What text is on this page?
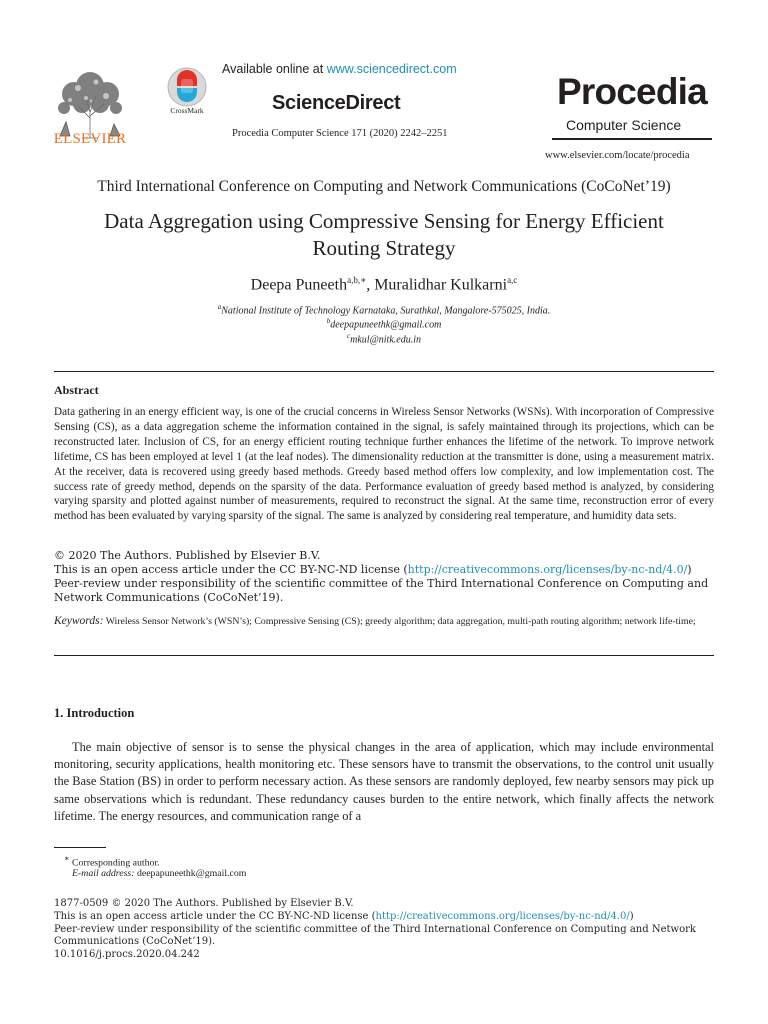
ELSEVIER
CrossMark
Available online at www.sciencedirect.com
ScienceDirect
Procedia Computer Science 171 (2020) 2242–2251
Procedia
Computer Science
www.elsevier.com/locate/procedia
Third International Conference on Computing and Network Communications (CoCoNet’19)
Data Aggregation using Compressive Sensing for Energy Efficient
Routing Strategy
Deepa Puneeth$^{a,b,∗}$, Muralidhar Kulkarni$^{a,c}$
$^a$National Institute of Technology Karnataka, Surathkal, Mangalore-575025, India.
$^b$deepapuneethk@gmail.com
$^c$mkul@nitk.edu.in
Abstract
Data gathering in an energy efficient way, is one of the crucial concerns in Wireless Sensor Networks (WSNs). With incorporation of Compressive Sensing (CS), as a data aggregation scheme the information contained in the signal, is safely maintained through its projections, which can be reconstructed later. Inclusion of CS, for an energy efficient routing technique further enhances the lifetime of the network. To improve network lifetime, CS has been employed at level 1 (at the leaf nodes). The dimensionality reduction at the transmitter is done, using a measurement matrix. At the receiver, data is recovered using greedy based methods. Greedy based method offers low complexity, and low implementation cost. The success rate of greedy method, depends on the sparsity of the data. Performance evaluation of greedy based method is analyzed, by considering varying sparsity and plotted against number of measurements, required to reconstruct the signal. At the same time, reconstruction error of every method has been evaluated by varying sparsity of the signal. The same is analyzed by considering real temperature, and humidity data sets.
© 2020 The Authors. Published by Elsevier B.V.
This is an open access article under the CC BY-NC-ND license (http://creativecommons.org/licenses/by-nc-nd/4.0/)
Peer-review under responsibility of the scientific committee of the Third International Conference on Computing and Network Communications (CoCoNet’19).
Keywords: Wireless Sensor Network’s (WSN’s); Compressive Sensing (CS); greedy algorithm; data aggregation, multi-path routing algorithm; network life-time;
1. Introduction
The main objective of sensor is to sense the physical changes in the area of application, which may include environmental monitoring, security applications, health monitoring etc. These sensors have to transmit the observations, to the control unit usually the Base Station (BS) in order to perform necessary action. As these sensors are randomly deployed, few nearby sensors may pick up same observations which is redundant. These redundancy causes burden to the entire network, which finally affects the network lifetime. The energy resources, and communication range of a
∗ Corresponding author.
E-mail address: deepapuneethk@gmail.com
1877-0509 © 2020 The Authors. Published by Elsevier B.V.
This is an open access article under the CC BY-NC-ND license (http://creativecommons.org/licenses/by-nc-nd/4.0/)
Peer-review under responsibility of the scientific committee of the Third International Conference on Computing and Network Communications (CoCoNet’19).
10.1016/j.procs.2020.04.242
